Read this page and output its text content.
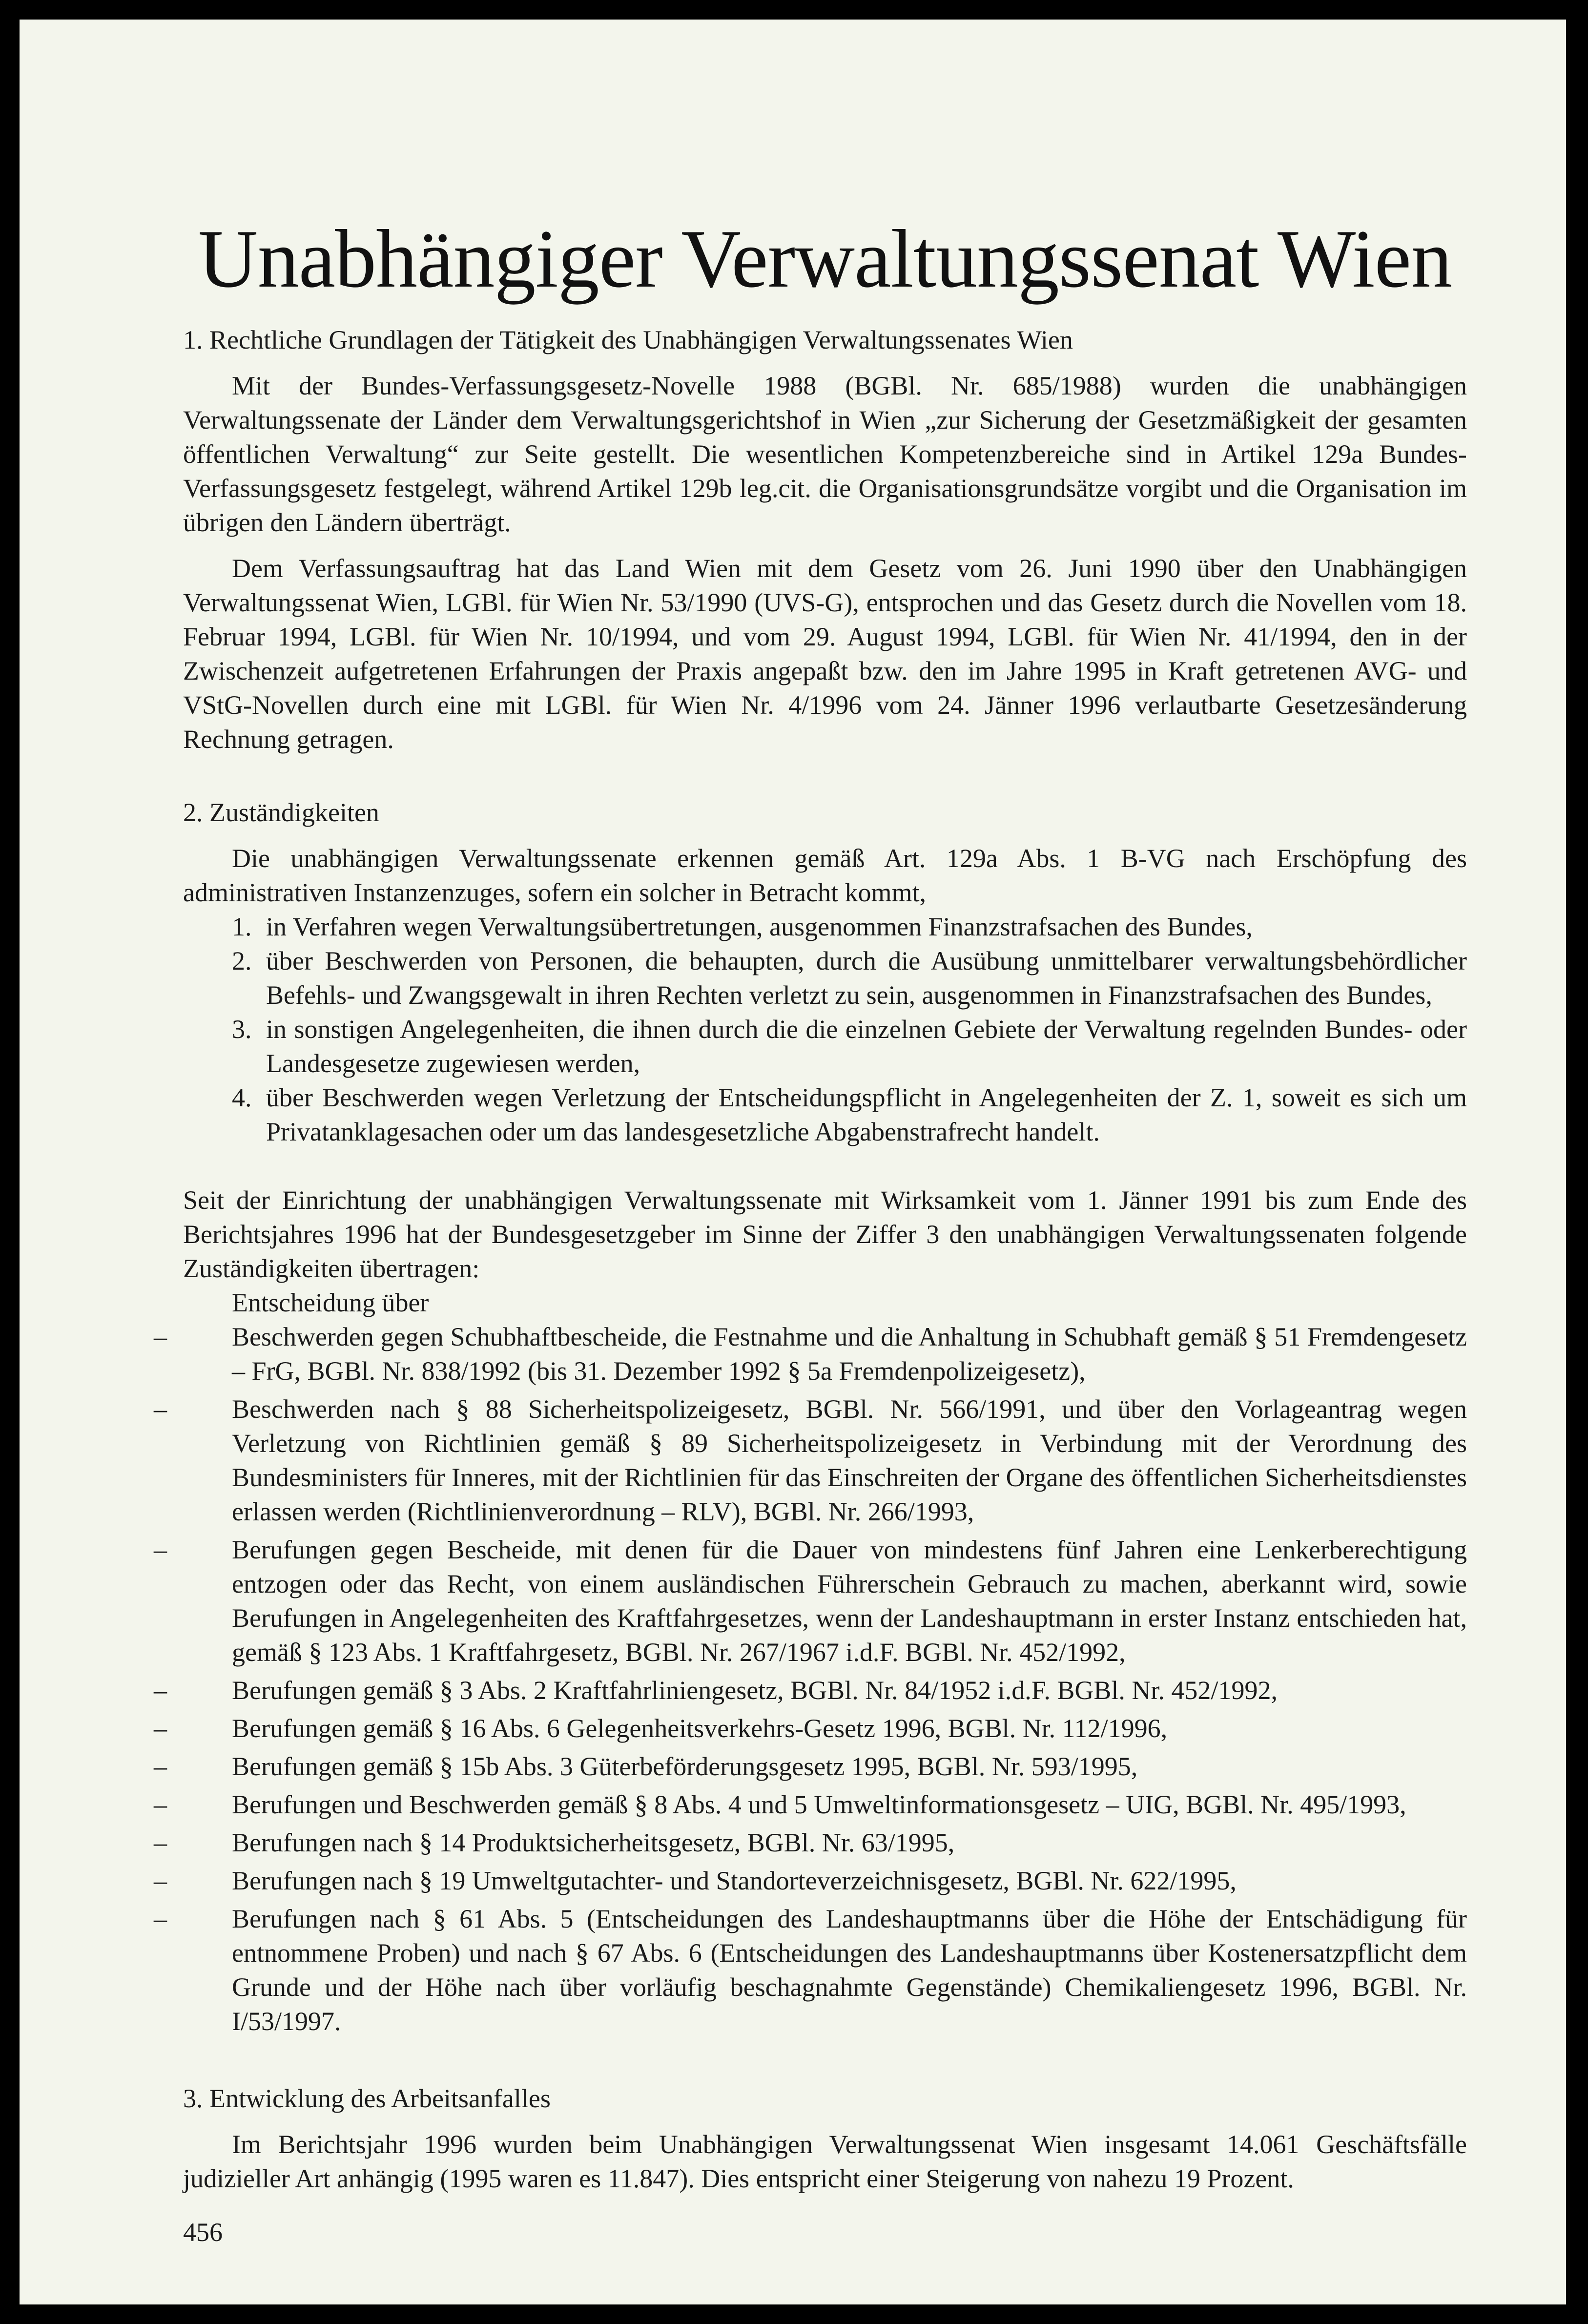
Unabhängiger Verwaltungssenat Wien

1. Rechtliche Grundlagen der Tätigkeit des Unabhängigen Verwaltungssenates Wien

Mit der Bundes-Verfassungsgesetz-Novelle 1988 (BGBl. Nr. 685/1988) wurden die unabhängigen Verwaltungssenate der Länder dem Verwaltungsgerichtshof in Wien „zur Sicherung der Gesetzmäßigkeit der gesamten öffentlichen Verwaltung“ zur Seite gestellt. Die wesentlichen Kompetenzbereiche sind in Artikel 129a Bundes-Verfassungsgesetz festgelegt, während Artikel 129b leg.cit. die Organisationsgrundsätze vorgibt und die Organisation im übrigen den Ländern überträgt.

Dem Verfassungsauftrag hat das Land Wien mit dem Gesetz vom 26. Juni 1990 über den Unabhängigen Verwaltungssenat Wien, LGBl. für Wien Nr. 53/1990 (UVS-G), entsprochen und das Gesetz durch die Novellen vom 18. Februar 1994, LGBl. für Wien Nr. 10/1994, und vom 29. August 1994, LGBl. für Wien Nr. 41/1994, den in der Zwischenzeit aufgetretenen Erfahrungen der Praxis angepaßt bzw. den im Jahre 1995 in Kraft getretenen AVG- und VStG-Novellen durch eine mit LGBl. für Wien Nr. 4/1996 vom 24. Jänner 1996 verlautbarte Gesetzesänderung Rechnung getragen.

2. Zuständigkeiten

Die unabhängigen Verwaltungssenate erkennen gemäß Art. 129a Abs. 1 B-VG nach Erschöpfung des administrativen Instanzenzuges, sofern ein solcher in Betracht kommt,

1. in Verfahren wegen Verwaltungsübertretungen, ausgenommen Finanzstrafsachen des Bundes,
2. über Beschwerden von Personen, die behaupten, durch die Ausübung unmittelbarer verwaltungsbehördlicher Befehls- und Zwangsgewalt in ihren Rechten verletzt zu sein, ausgenommen in Finanzstrafsachen des Bundes,
3. in sonstigen Angelegenheiten, die ihnen durch die die einzelnen Gebiete der Verwaltung regelnden Bundes- oder Landesgesetze zugewiesen werden,
4. über Beschwerden wegen Verletzung der Entscheidungspflicht in Angelegenheiten der Z. 1, soweit es sich um Privatanklagesachen oder um das landesgesetzliche Abgabenstrafrecht handelt.

Seit der Einrichtung der unabhängigen Verwaltungssenate mit Wirksamkeit vom 1. Jänner 1991 bis zum Ende des Berichtsjahres 1996 hat der Bundesgesetzgeber im Sinne der Ziffer 3 den unabhängigen Verwaltungssenaten folgende Zuständigkeiten übertragen:

Entscheidung über

– Beschwerden gegen Schubhaftbescheide, die Festnahme und die Anhaltung in Schubhaft gemäß § 51 Fremdengesetz – FrG, BGBl. Nr. 838/1992 (bis 31. Dezember 1992 § 5a Fremdenpolizeigesetz),
– Beschwerden nach § 88 Sicherheitspolizeigesetz, BGBl. Nr. 566/1991, und über den Vorlageantrag wegen Verletzung von Richtlinien gemäß § 89 Sicherheitspolizeigesetz in Verbindung mit der Verordnung des Bundesministers für Inneres, mit der Richtlinien für das Einschreiten der Organe des öffentlichen Sicherheitsdienstes erlassen werden (Richtlinienverordnung – RLV), BGBl. Nr. 266/1993,
– Berufungen gegen Bescheide, mit denen für die Dauer von mindestens fünf Jahren eine Lenkerberechtigung entzogen oder das Recht, von einem ausländischen Führerschein Gebrauch zu machen, aberkannt wird, sowie Berufungen in Angelegenheiten des Kraftfahrgesetzes, wenn der Landeshauptmann in erster Instanz entschieden hat, gemäß § 123 Abs. 1 Kraftfahrgesetz, BGBl. Nr. 267/1967 i.d.F. BGBl. Nr. 452/1992,
– Berufungen gemäß § 3 Abs. 2 Kraftfahrliniengesetz, BGBl. Nr. 84/1952 i.d.F. BGBl. Nr. 452/1992,
– Berufungen gemäß § 16 Abs. 6 Gelegenheitsverkehrs-Gesetz 1996, BGBl. Nr. 112/1996,
– Berufungen gemäß § 15b Abs. 3 Güterbeförderungsgesetz 1995, BGBl. Nr. 593/1995,
– Berufungen und Beschwerden gemäß § 8 Abs. 4 und 5 Umweltinformationsgesetz – UIG, BGBl. Nr. 495/1993,
– Berufungen nach § 14 Produktsicherheitsgesetz, BGBl. Nr. 63/1995,
– Berufungen nach § 19 Umweltgutachter- und Standorteverzeichnisgesetz, BGBl. Nr. 622/1995,
– Berufungen nach § 61 Abs. 5 (Entscheidungen des Landeshauptmanns über die Höhe der Entschädigung für entnommene Proben) und nach § 67 Abs. 6 (Entscheidungen des Landeshauptmanns über Kostenersatzpflicht dem Grunde und der Höhe nach über vorläufig beschagnahmte Gegenstände) Chemikaliengesetz 1996, BGBl. Nr. I/53/1997.

3. Entwicklung des Arbeitsanfalles

Im Berichtsjahr 1996 wurden beim Unabhängigen Verwaltungssenat Wien insgesamt 14.061 Geschäftsfälle judizieller Art anhängig (1995 waren es 11.847). Dies entspricht einer Steigerung von nahezu 19 Prozent.

456
